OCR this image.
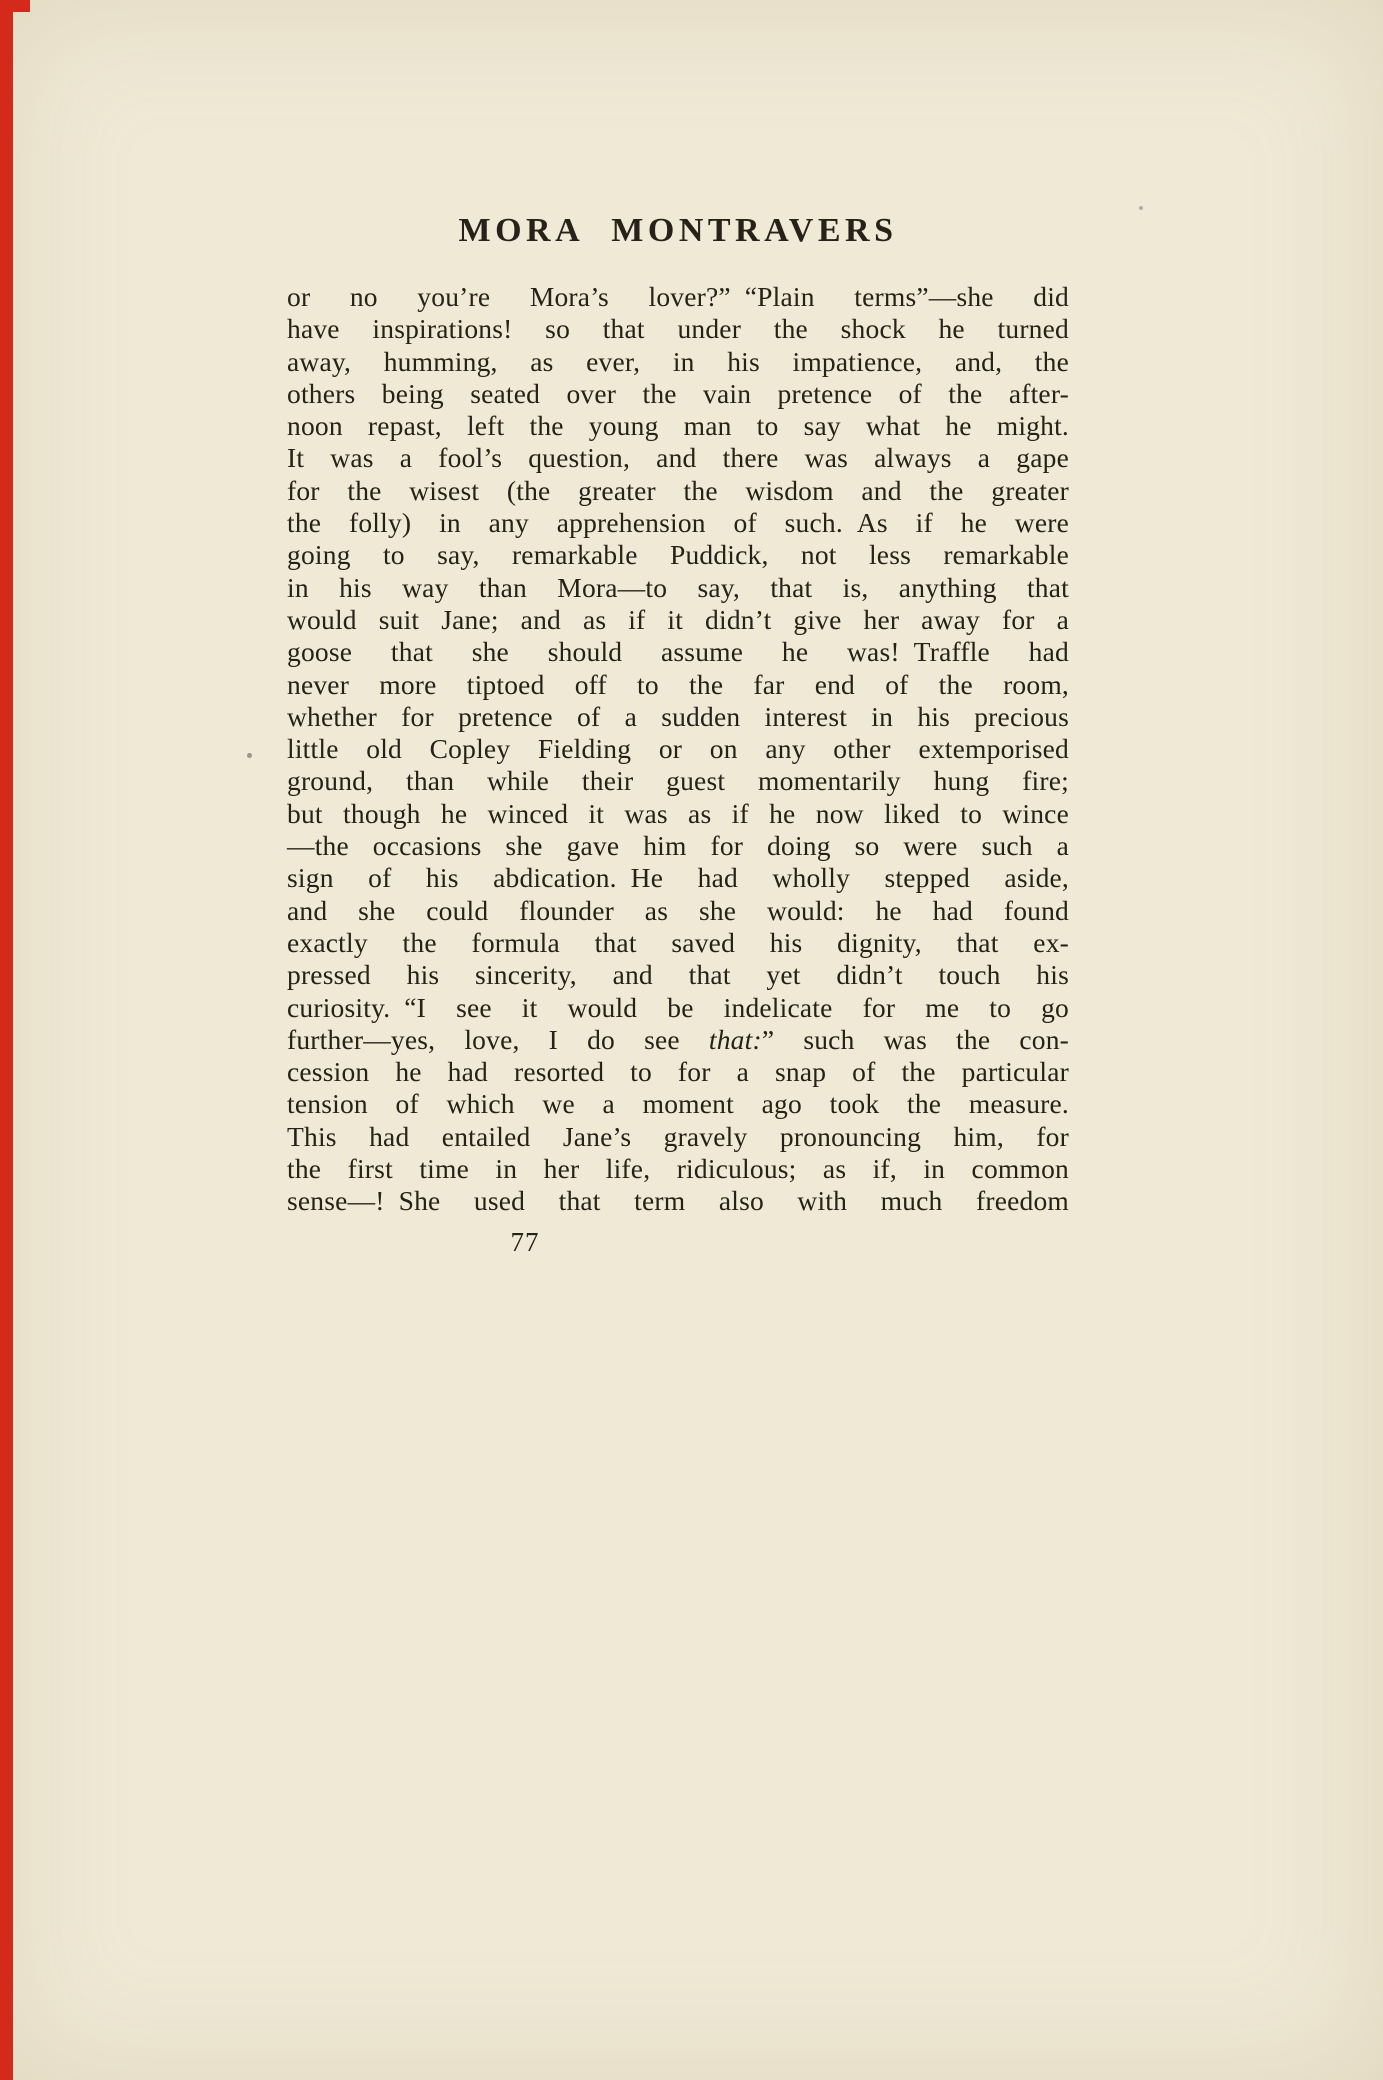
MORA MONTRAVERS
or no you’re Mora’s lover?” “Plain terms”—she did
have inspirations! so that under the shock he turned
away, humming, as ever, in his impatience, and, the
others being seated over the vain pretence of the after-
noon repast, left the young man to say what he might.
It was a fool’s question, and there was always a gape
for the wisest (the greater the wisdom and the greater
the folly) in any apprehension of such. As if he were
going to say, remarkable Puddick, not less remarkable
in his way than Mora—to say, that is, anything that
would suit Jane; and as if it didn’t give her away for a
goose that she should assume he was! Traffle had
never more tiptoed off to the far end of the room,
whether for pretence of a sudden interest in his precious
little old Copley Fielding or on any other extemporised
ground, than while their guest momentarily hung fire;
but though he winced it was as if he now liked to wince
—the occasions she gave him for doing so were such a
sign of his abdication. He had wholly stepped aside,
and she could flounder as she would: he had found
exactly the formula that saved his dignity, that ex-
pressed his sincerity, and that yet didn’t touch his
curiosity. “I see it would be indelicate for me to go
further—yes, love, I do see that:” such was the con-
cession he had resorted to for a snap of the particular
tension of which we a moment ago took the measure.
This had entailed Jane’s gravely pronouncing him, for
the first time in her life, ridiculous; as if, in common
sense—! She used that term also with much freedom
77
